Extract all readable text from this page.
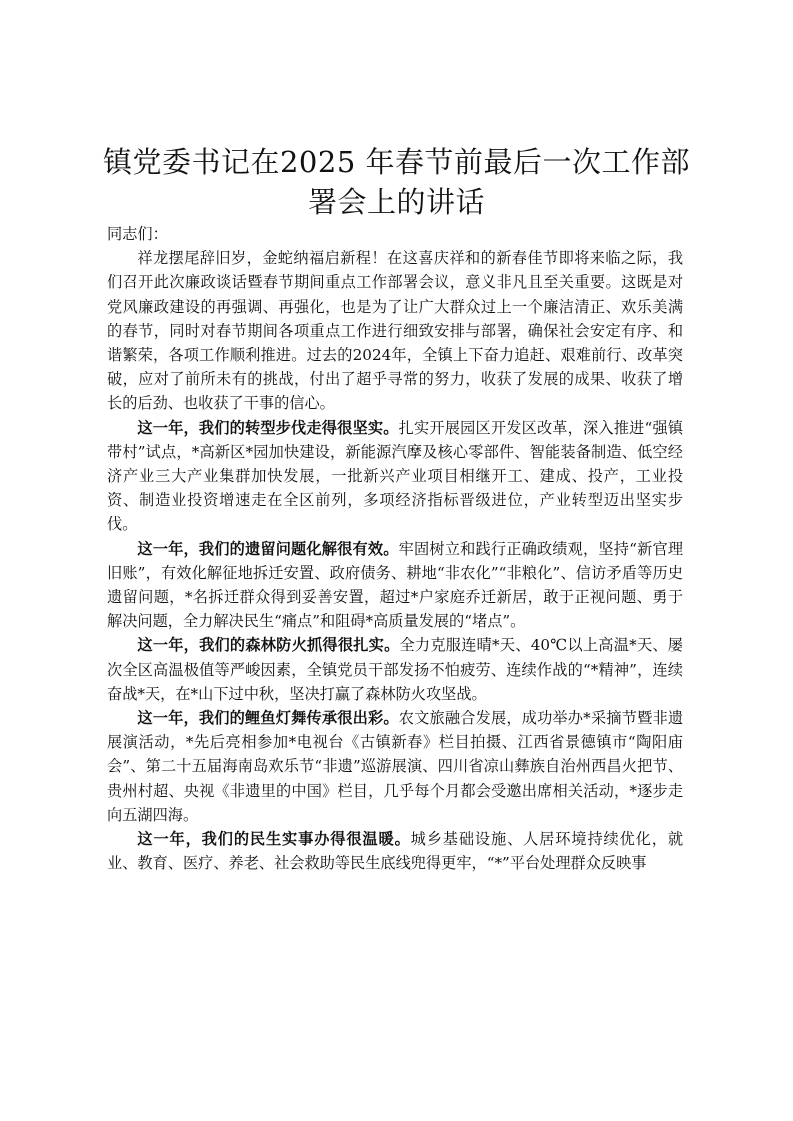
镇党委书记在2025 年春节前最后一次工作部署会上的讲话

同志们：

祥龙摆尾辞旧岁，金蛇纳福启新程！在这喜庆祥和的新春佳节即将来临之际，我们召开此次廉政谈话暨春节期间重点工作部署会议，意义非凡且至关重要。这既是对党风廉政建设的再强调、再强化，也是为了让广大群众过上一个廉洁清正、欢乐美满的春节，同时对春节期间各项重点工作进行细致安排与部署，确保社会安定有序、和谐繁荣，各项工作顺利推进。过去的2024年，全镇上下奋力追赶、艰难前行、改革突破，应对了前所未有的挑战，付出了超乎寻常的努力，收获了发展的成果、收获了增长的后劲、也收获了干事的信心。

这一年，我们的转型步伐走得很坚实。扎实开展园区开发区改革，深入推进“强镇带村”试点，*高新区*园加快建设，新能源汽摩及核心零部件、智能装备制造、低空经济产业三大产业集群加快发展，一批新兴产业项目相继开工、建成、投产，工业投资、制造业投资增速走在全区前列，多项经济指标晋级进位，产业转型迈出坚实步伐。

这一年，我们的遗留问题化解很有效。牢固树立和践行正确政绩观，坚持“新官理旧账”，有效化解征地拆迁安置、政府债务、耕地“非农化”“非粮化”、信访矛盾等历史遗留问题，*名拆迁群众得到妥善安置，超过*户家庭乔迁新居，敢于正视问题、勇于解决问题，全力解决民生“痛点”和阻碍*高质量发展的“堵点”。

这一年，我们的森林防火抓得很扎实。全力克服连晴*天、40℃以上高温*天、屡次全区高温极值等严峻因素，全镇党员干部发扬不怕疲劳、连续作战的“*精神”，连续奋战*天，在*山下过中秋，坚决打赢了森林防火攻坚战。

这一年，我们的鲤鱼灯舞传承很出彩。农文旅融合发展，成功举办*采摘节暨非遗展演活动，*先后亮相参加*电视台《古镇新春》栏目拍摄、江西省景德镇市“陶阳庙会”、第二十五届海南岛欢乐节“非遗”巡游展演、四川省凉山彝族自治州西昌火把节、贵州村超、央视《非遗里的中国》栏目，几乎每个月都会受邀出席相关活动，*逐步走向五湖四海。

这一年，我们的民生实事办得很温暖。城乡基础设施、人居环境持续优化，就业、教育、医疗、养老、社会救助等民生底线兜得更牢，“*”平台处理群众反映事
